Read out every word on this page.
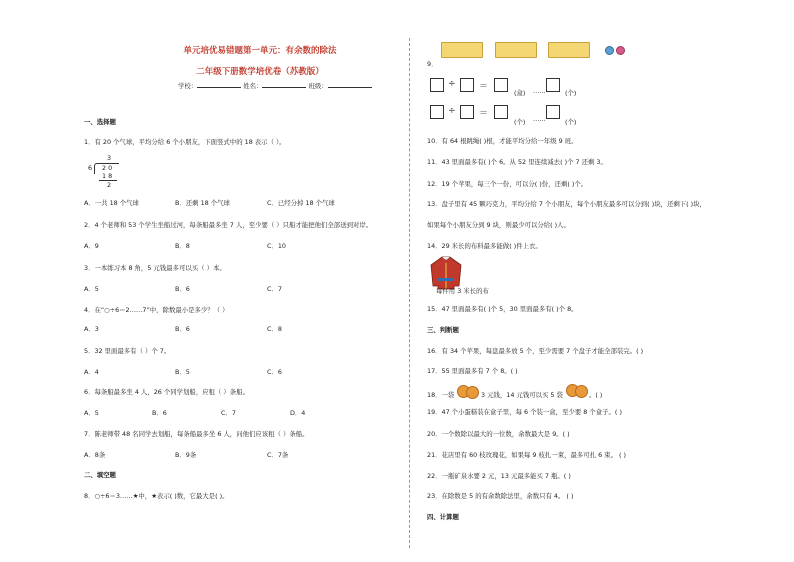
单元培优易错题第一单元：有余数的除法
二年级下册数学培优卷（苏教版）
学校：	姓名：	班级：
一、选择题
1．有 20 个气球，平均分给 6 个小朋友，下面竖式中的 18 表示（ ）。
3
6 2 0
1 8
2
A．一共 18 个气球	B．还剩 18 个气球	C．已经分掉 18 个气球
2．4 个老师和 53 个学生坐船过河，每条船最多坐 7 人，至少要（ ）只船才能把他们全部送到对岸。
A．9	B．8	C．10
3．一本练习本 8 角，5 元钱最多可以买（ ）本。
A．5	B．6	C．7
4．在“○÷6＝2……7”中，除数最小是多少？（ ）
A．3	B．6	C．8
5．32 里面最多有（ ）个 7。
A．4	B．5	C．6
6．每条船最多坐 4 人，26 个同学划船，应租（ ）条船。
A．5	B．6	C．7	D．4
7．陈老师带 48 名同学去划船，每条船最多坐 6 人，问他们应该租（ ）条船。
A．8条	B．9条	C．7条
二、填空题
8．○÷6＝3……★中，★表示( )数，它最大是( )。
9．
÷	＝
(盒) ……	(个)
÷	＝
(个) ……	(个)
10．有 64 根跳绳( )根，才能平均分给一年级 9 班。
11．43 里面最多有( )个 6。从 52 里连续减去( )个 7 还剩 3。
12．19 个苹果，每三个一份，可以分( )份，还剩( )个。
13．盘子里有 45 颗巧克力，平均分给 7 个小朋友，每个小朋友最多可以分到( )块，还剩下( )块，
如果每个小朋友分到 9 块，则最少可以分给( )人。
14．29 米长的布料最多能做( )件上衣。
每件用 3 米长的布
15．47 里面最多有( )个 5，30 里面最多有( )个 8。
三、判断题
16．有 34 个苹果，每盘最多放 5 个，至少需要 7 个盘子才能全部装完。( )
17．55 里面最多有 7 个 8。( )
18．一袋	3 元钱，14 元钱可以买 5 袋	。( )
19．47 个小蛋糕装在盒子里，每 6 个装一盒，至少要 8 个盒子。( )
20．一个数除以最大的一位数，余数最大是 9。( )
21．花店里有 60 枝玫瑰花，如果每 9 枝扎一束，最多可扎 6 束。 ( )
22．一瓶矿泉水要 2 元，13 元最多能买 7 瓶。( )
23．在除数是 5 的有余数除法里，余数只有 4。 ( )
四、计算题
